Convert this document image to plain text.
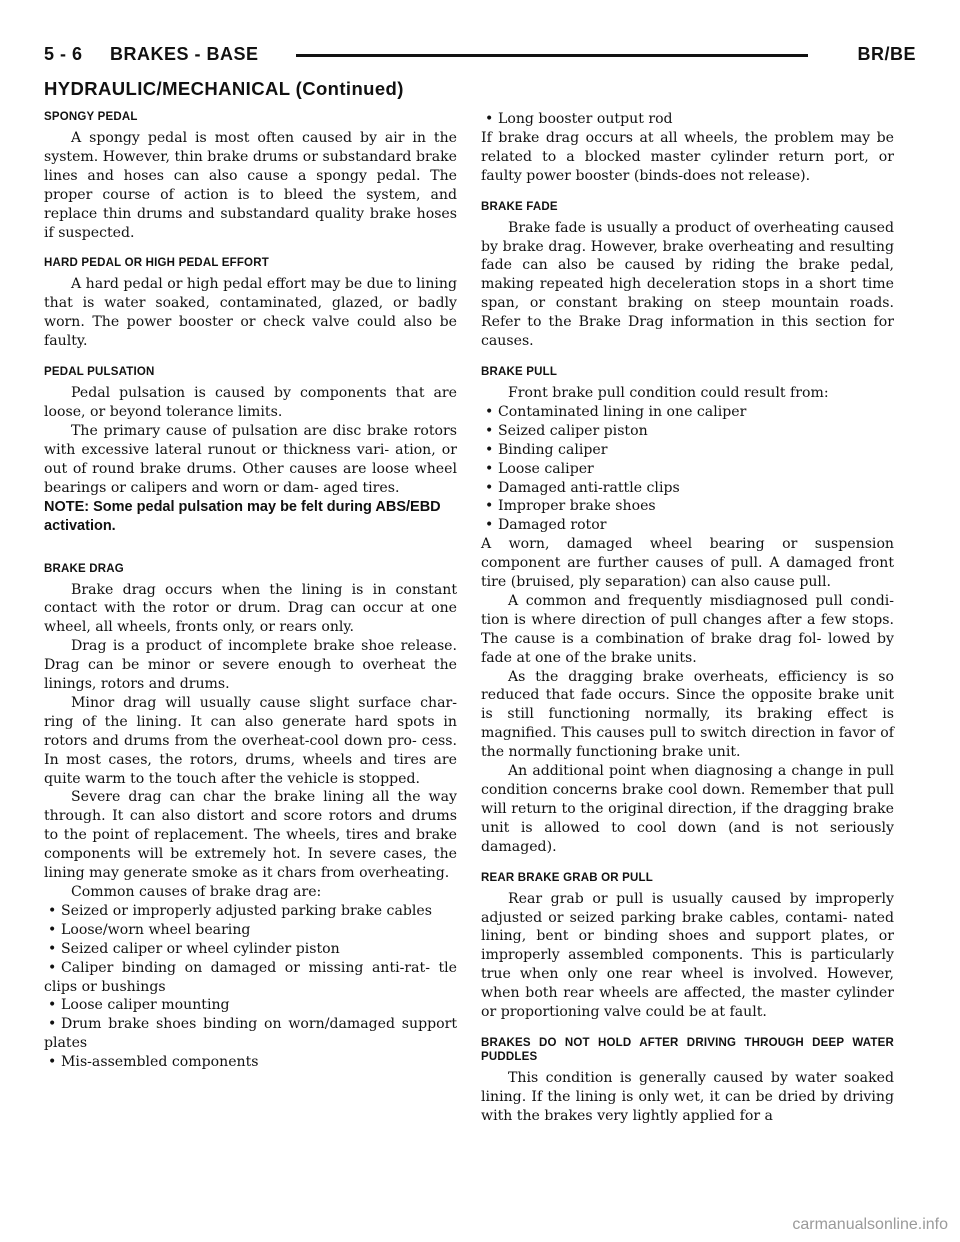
5 - 6     BRAKES - BASE	BR/BE
HYDRAULIC/MECHANICAL (Continued)
SPONGY PEDAL

A spongy pedal is most often caused by air in the system. However, thin brake drums or substandard brake lines and hoses can also cause a spongy pedal. The proper course of action is to bleed the system, and replace thin drums and substandard quality brake hoses if suspected.

HARD PEDAL OR HIGH PEDAL EFFORT

A hard pedal or high pedal effort may be due to lining that is water soaked, contaminated, glazed, or badly worn. The power booster or check valve could also be faulty.

PEDAL PULSATION

Pedal pulsation is caused by components that are loose, or beyond tolerance limits.

The primary cause of pulsation are disc brake rotors with excessive lateral runout or thickness vari- ation, or out of round brake drums. Other causes are loose wheel bearings or calipers and worn or dam- aged tires.

NOTE: Some pedal pulsation may be felt during ABS/EBD activation.

BRAKE DRAG

Brake drag occurs when the lining is in constant contact with the rotor or drum. Drag can occur at one wheel, all wheels, fronts only, or rears only.

Drag is a product of incomplete brake shoe release. Drag can be minor or severe enough to overheat the linings, rotors and drums.

Minor drag will usually cause slight surface char- ring of the lining. It can also generate hard spots in rotors and drums from the overheat-cool down pro- cess. In most cases, the rotors, drums, wheels and tires are quite warm to the touch after the vehicle is stopped.

Severe drag can char the brake lining all the way through. It can also distort and score rotors and drums to the point of replacement. The wheels, tires and brake components will be extremely hot. In severe cases, the lining may generate smoke as it chars from overheating.

Common causes of brake drag are:

• Seized or improperly adjusted parking brake cables

• Loose/worn wheel bearing

• Seized caliper or wheel cylinder piston

• Caliper binding on damaged or missing anti-rat- tle clips or bushings

• Loose caliper mounting

• Drum brake shoes binding on worn/damaged support plates

• Mis-assembled components

• Long booster output rod

If brake drag occurs at all wheels, the problem may be related to a blocked master cylinder return port, or faulty power booster (binds-does not release).

BRAKE FADE

Brake fade is usually a product of overheating caused by brake drag. However, brake overheating and resulting fade can also be caused by riding the brake pedal, making repeated high deceleration stops in a short time span, or constant braking on steep mountain roads. Refer to the Brake Drag information in this section for causes.

BRAKE PULL

Front brake pull condition could result from:

• Contaminated lining in one caliper

• Seized caliper piston

• Binding caliper

• Loose caliper

• Damaged anti-rattle clips

• Improper brake shoes

• Damaged rotor

A worn, damaged wheel bearing or suspension component are further causes of pull. A damaged front tire (bruised, ply separation) can also cause pull.

A common and frequently misdiagnosed pull condi- tion is where direction of pull changes after a few stops. The cause is a combination of brake drag fol- lowed by fade at one of the brake units.

As the dragging brake overheats, efficiency is so reduced that fade occurs. Since the opposite brake unit is still functioning normally, its braking effect is magnified. This causes pull to switch direction in favor of the normally functioning brake unit.

An additional point when diagnosing a change in pull condition concerns brake cool down. Remember that pull will return to the original direction, if the dragging brake unit is allowed to cool down (and is not seriously damaged).

REAR BRAKE GRAB OR PULL

Rear grab or pull is usually caused by improperly adjusted or seized parking brake cables, contami- nated lining, bent or binding shoes and support plates, or improperly assembled components. This is particularly true when only one rear wheel is involved. However, when both rear wheels are affected, the master cylinder or proportioning valve could be at fault.

BRAKES DO NOT HOLD AFTER DRIVING THROUGH DEEP WATER PUDDLES

This condition is generally caused by water soaked lining. If the lining is only wet, it can be dried by driving with the brakes very lightly applied for a

carmanualsonline.info
